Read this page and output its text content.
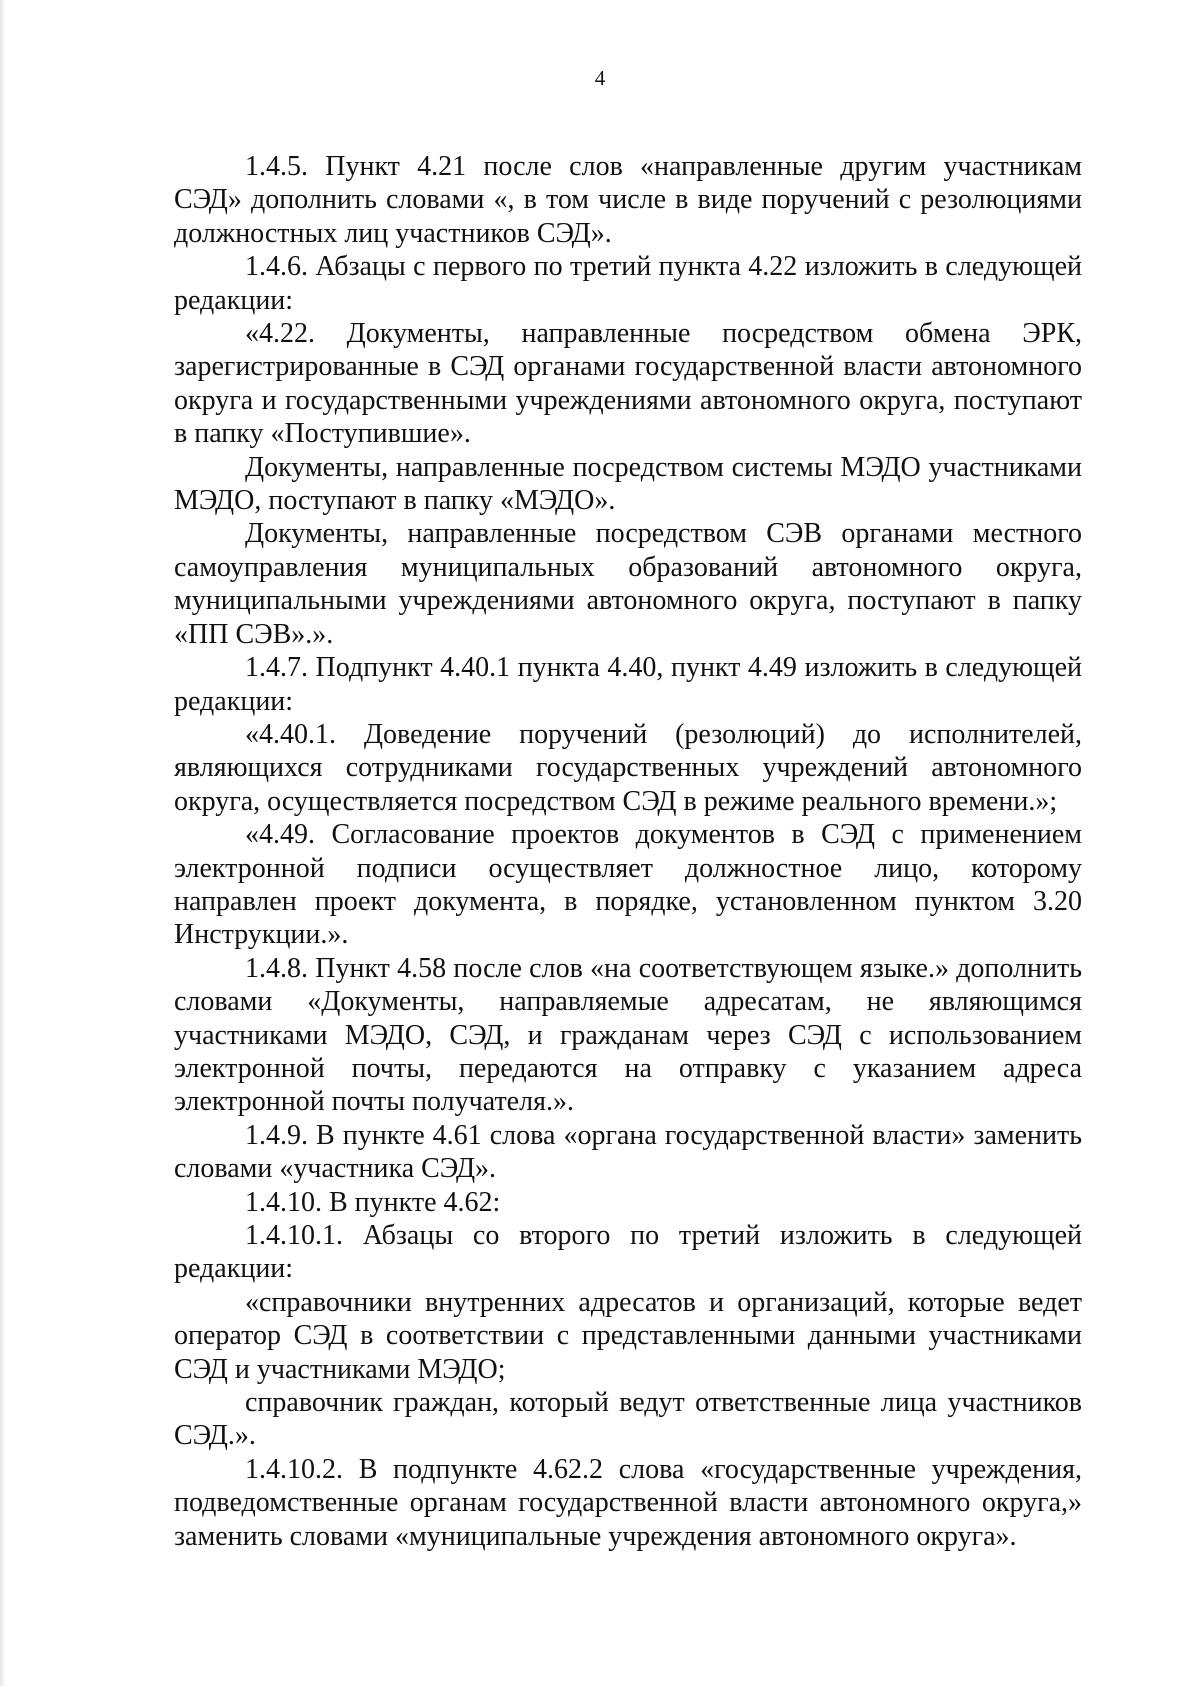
4

1.4.5. Пункт 4.21 после слов «направленные другим участникам СЭД» дополнить словами «, в том числе в виде поручений с резолюциями должностных лиц участников СЭД».

1.4.6. Абзацы с первого по третий пункта 4.22 изложить в следующей редакции:

«4.22. Документы, направленные посредством обмена ЭРК, зарегистрированные в СЭД органами государственной власти автономного округа и государственными учреждениями автономного округа, поступают в папку «Поступившие».

Документы, направленные посредством системы МЭДО участниками МЭДО, поступают в папку «МЭДО».

Документы, направленные посредством СЭВ органами местного самоуправления муниципальных образований автономного округа, муниципальными учреждениями автономного округа, поступают в папку «ПП СЭВ».».

1.4.7. Подпункт 4.40.1 пункта 4.40, пункт 4.49 изложить в следующей редакции:

«4.40.1. Доведение поручений (резолюций) до исполнителей, являющихся сотрудниками государственных учреждений автономного округа, осуществляется посредством СЭД в режиме реального времени.»;

«4.49. Согласование проектов документов в СЭД с применением электронной подписи осуществляет должностное лицо, которому направлен проект документа, в порядке, установленном пунктом 3.20 Инструкции.».

1.4.8. Пункт 4.58 после слов «на соответствующем языке.» дополнить словами «Документы, направляемые адресатам, не являющимся участниками МЭДО, СЭД, и гражданам через СЭД с использованием электронной почты, передаются на отправку с указанием адреса электронной почты получателя.».

1.4.9. В пункте 4.61 слова «органа государственной власти» заменить словами «участника СЭД».

1.4.10. В пункте 4.62:

1.4.10.1. Абзацы со второго по третий изложить в следующей редакции:

«справочники внутренних адресатов и организаций, которые ведет оператор СЭД в соответствии с представленными данными участниками СЭД и участниками МЭДО;

справочник граждан, который ведут ответственные лица участников СЭД.».

1.4.10.2. В подпункте 4.62.2 слова «государственные учреждения, подведомственные органам государственной власти автономного округа,» заменить словами «муниципальные учреждения автономного округа».
